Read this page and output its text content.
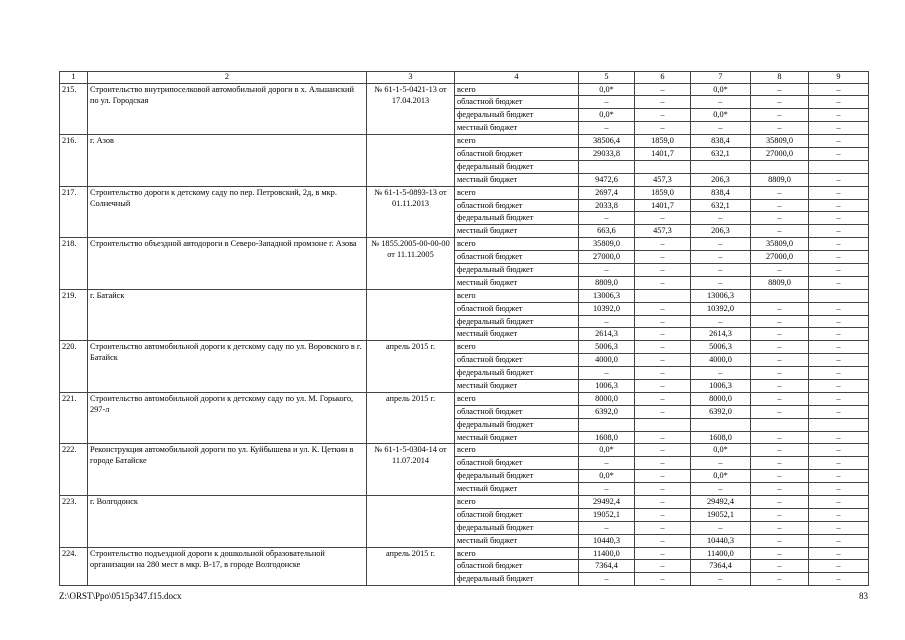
1	2	3	4	5	6	7	8	9
215.	Строительство внутрипоселковой автомобильной дороги в х. Альшанский по ул. Городская	№ 61-1-5-0421-13 от 17.04.2013	всего	0,0*	–	0,0*	–	–
			областной бюджет	–	–	–	–	–
			федеральный бюджет	0,0*	–	0,0*	–	–
			местный бюджет	–	–	–	–	–
216.	г. Азов		всего	38506,4	1859,0	838,4	35809,0	–
			областной бюджет	29033,8	1401,7	632,1	27000,0	–
			федеральный бюджет					
			местный бюджет	9472,6	457,3	206,3	8809,0	–
217.	Строительство дороги к детскому саду по пер. Петровский, 2д, в мкр. Солнечный	№ 61-1-5-0893-13 от 01.11.2013	всего	2697,4	1859,0	838,4	–	–
			областной бюджет	2033,8	1401,7	632,1	–	–
			федеральный бюджет	–	–	–	–	–
			местный бюджет	663,6	457,3	206,3	–	–
218.	Строительство объездной автодороги в Северо-Западной промзоне г. Азова	№ 1855.2005-00-00-00 от 11.11.2005	всего	35809,0	–	–	35809,0	–
			областной бюджет	27000,0	–	–	27000,0	–
			федеральный бюджет	–	–	–	–	–
			местный бюджет	8809,0	–	–	8809,0	–
219.	г. Батайск		всего	13006,3		13006,3		
			областной бюджет	10392,0	–	10392,0	–	–
			федеральный бюджет	–	–	–	–	–
			местный бюджет	2614,3	–	2614,3	–	–
220.	Строительство автомобильной дороги к детскому саду по ул. Воровского в г. Батайск	апрель 2015 г.	всего	5006,3	–	5006,3	–	–
			областной бюджет	4000,0	–	4000,0	–	–
			федеральный бюджет	–	–	–	–	–
			местный бюджет	1006,3	–	1006,3	–	–
221.	Строительство автомобильной дороги к детскому саду по ул. М. Горького, 297-л	апрель 2015 г.	всего	8000,0	–	8000,0	–	–
			областной бюджет	6392,0	–	6392,0	–	–
			федеральный бюджет					
			местный бюджет	1608,0	–	1608,0	–	–
222.	Реконструкция автомобильной дороги по ул. Куйбышева и ул. К. Цеткин в городе Батайске	№ 61-1-5-0304-14 от 11.07.2014	всего	0,0*	–	0,0*	–	–
			областной бюджет	–	–	–	–	–
			федеральный бюджет	0,0*	–	0,0*	–	–
			местный бюджет	–	–	–	–	–
223.	г. Волгодонск		всего	29492,4	–	29492,4	–	–
			областной бюджет	19052,1	–	19052,1	–	–
			федеральный бюджет	–	–	–	–	–
			местный бюджет	10440,3	–	10440,3	–	–
224.	Строительство подъездной дороги к дошкольной образовательной организации на 280 мест в мкр. В-17, в городе Волгодонске	апрель 2015 г.	всего	11400,0	–	11400,0	–	–
			областной бюджет	7364,4	–	7364,4	–	–
			федеральный бюджет	–	–	–	–	–
Z:\ORST\Ppo\0515p347.f15.docx	83
